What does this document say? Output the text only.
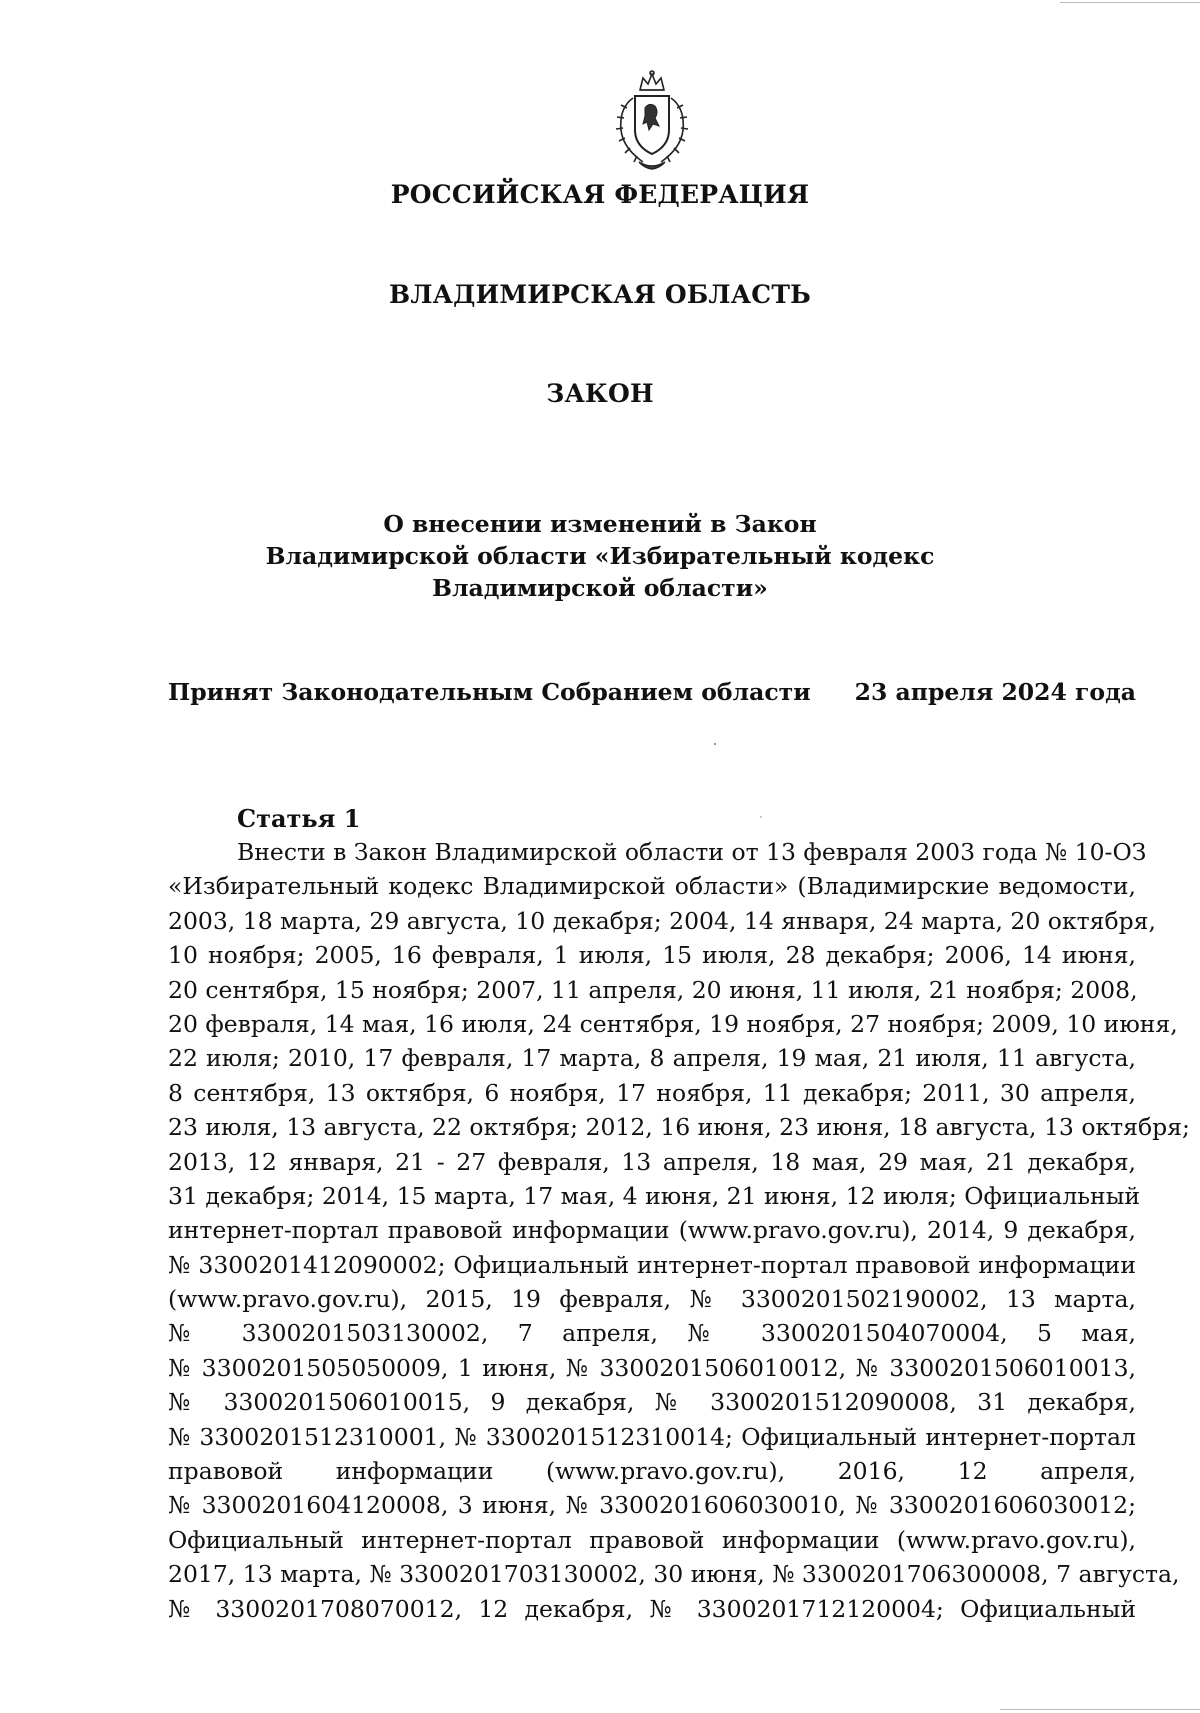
РОССИЙСКАЯ ФЕДЕРАЦИЯ
ВЛАДИМИРСКАЯ ОБЛАСТЬ
ЗАКОН
О внесении изменений в Закон
Владимирской области «Избирательный кодекс
Владимирской области»
Принят Законодательным Собранием области 23 апреля 2024 года
Статья 1
Внести в Закон Владимирской области от 13 февраля 2003 года № 10-ОЗ
«Избирательный кодекс Владимирской области» (Владимирские ведомости,
2003, 18 марта, 29 августа, 10 декабря; 2004, 14 января, 24 марта, 20 октября,
10 ноября; 2005, 16 февраля, 1 июля, 15 июля, 28 декабря; 2006, 14 июня,
20 сентября, 15 ноября; 2007, 11 апреля, 20 июня, 11 июля, 21 ноября; 2008,
20 февраля, 14 мая, 16 июля, 24 сентября, 19 ноября, 27 ноября; 2009, 10 июня,
22 июля; 2010, 17 февраля, 17 марта, 8 апреля, 19 мая, 21 июля, 11 августа,
8 сентября, 13 октября, 6 ноября, 17 ноября, 11 декабря; 2011, 30 апреля,
23 июля, 13 августа, 22 октября; 2012, 16 июня, 23 июня, 18 августа, 13 октября;
2013, 12 января, 21 - 27 февраля, 13 апреля, 18 мая, 29 мая, 21 декабря,
31 декабря; 2014, 15 марта, 17 мая, 4 июня, 21 июня, 12 июля; Официальный
интернет-портал правовой информации (www.pravo.gov.ru), 2014, 9 декабря,
№ 3300201412090002; Официальный интернет-портал правовой информации
(www.pravo.gov.ru), 2015, 19 февраля, № 3300201502190002, 13 марта,
№ 3300201503130002, 7 апреля, № 3300201504070004, 5 мая,
№ 3300201505050009, 1 июня, № 3300201506010012, № 3300201506010013,
№ 3300201506010015, 9 декабря, № 3300201512090008, 31 декабря,
№ 3300201512310001, № 3300201512310014; Официальный интернет-портал
правовой информации (www.pravo.gov.ru), 2016, 12 апреля,
№ 3300201604120008, 3 июня, № 3300201606030010, № 3300201606030012;
Официальный интернет-портал правовой информации (www.pravo.gov.ru),
2017, 13 марта, № 3300201703130002, 30 июня, № 3300201706300008, 7 августа,
№ 3300201708070012, 12 декабря, № 3300201712120004; Официальный
